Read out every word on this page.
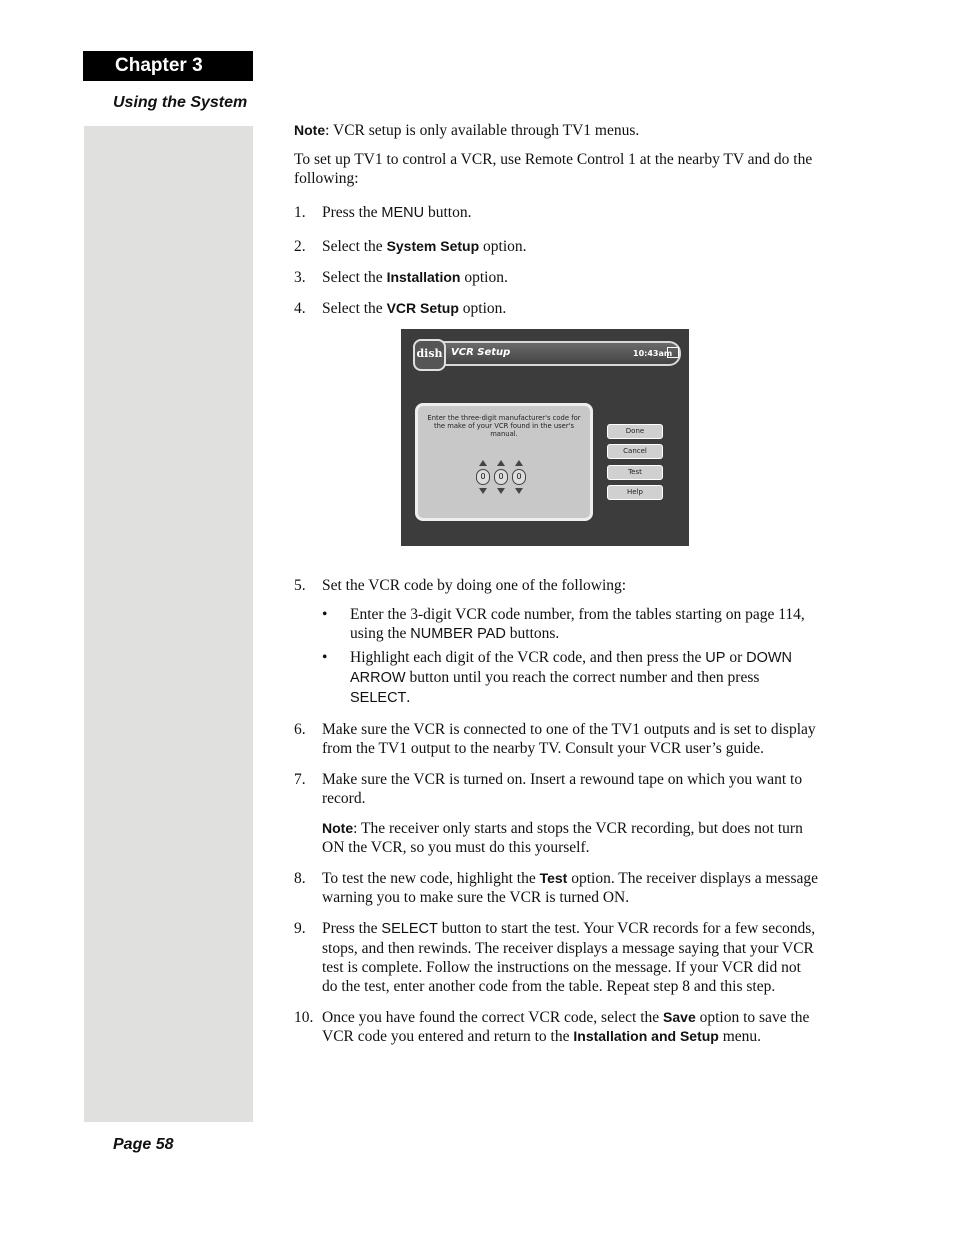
Chapter 3
Using the System
Page 58

Note: VCR setup is only available through TV1 menus.

To set up TV1 to control a VCR, use Remote Control 1 at the nearby TV and do the following:

1. Press the MENU button.
2. Select the System Setup option.
3. Select the Installation option.
4. Select the VCR Setup option.
5. Set the VCR code by doing one of the following:
• Enter the 3-digit VCR code number, from the tables starting on page 114, using the NUMBER PAD buttons.
• Highlight each digit of the VCR code, and then press the UP or DOWN ARROW button until you reach the correct number and then press SELECT.
6. Make sure the VCR is connected to one of the TV1 outputs and is set to display from the TV1 output to the nearby TV. Consult your VCR user’s guide.
7. Make sure the VCR is turned on. Insert a rewound tape on which you want to record.

Note: The receiver only starts and stops the VCR recording, but does not turn ON the VCR, so you must do this yourself.

8. To test the new code, highlight the Test option. The receiver displays a message warning you to make sure the VCR is turned ON.
9. Press the SELECT button to start the test. Your VCR records for a few seconds, stops, and then rewinds. The receiver displays a message saying that your VCR test is complete. Follow the instructions on the message. If your VCR did not do the test, enter another code from the table. Repeat step 8 and this step.
10. Once you have found the correct VCR code, select the Save option to save the VCR code you entered and return to the Installation and Setup menu.
dish VCR Setup	10:43am
Enter the three-digit manufacturer's code for the make of your VCR found in the user's manual.
0	0	0
Done
Cancel
Test
Help
